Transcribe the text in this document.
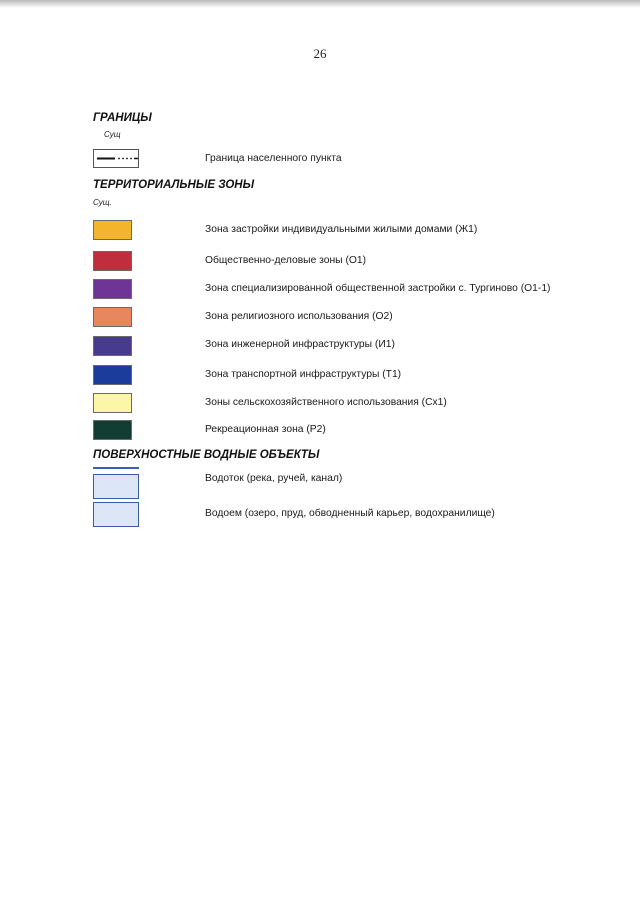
26
ГРАНИЦЫ
Сущ
Граница населенного пункта
ТЕРРИТОРИАЛЬНЫЕ ЗОНЫ
Сущ.
Зона застройки индивидуальными жилыми домами (Ж1)
Общественно-деловые зоны (О1)
Зона специализированной общественной застройки с. Тургиново (О1-1)
Зона религиозного использования (О2)
Зона инженерной инфраструктуры (И1)
Зона транспортной инфраструктуры (Т1)
Зоны сельскохозяйственного использования (Сх1)
Рекреационная зона (Р2)
ПОВЕРХНОСТНЫЕ ВОДНЫЕ ОБЪЕКТЫ
Водоток (река, ручей, канал)
Водоем (озеро, пруд, обводненный карьер, водохранилище)
